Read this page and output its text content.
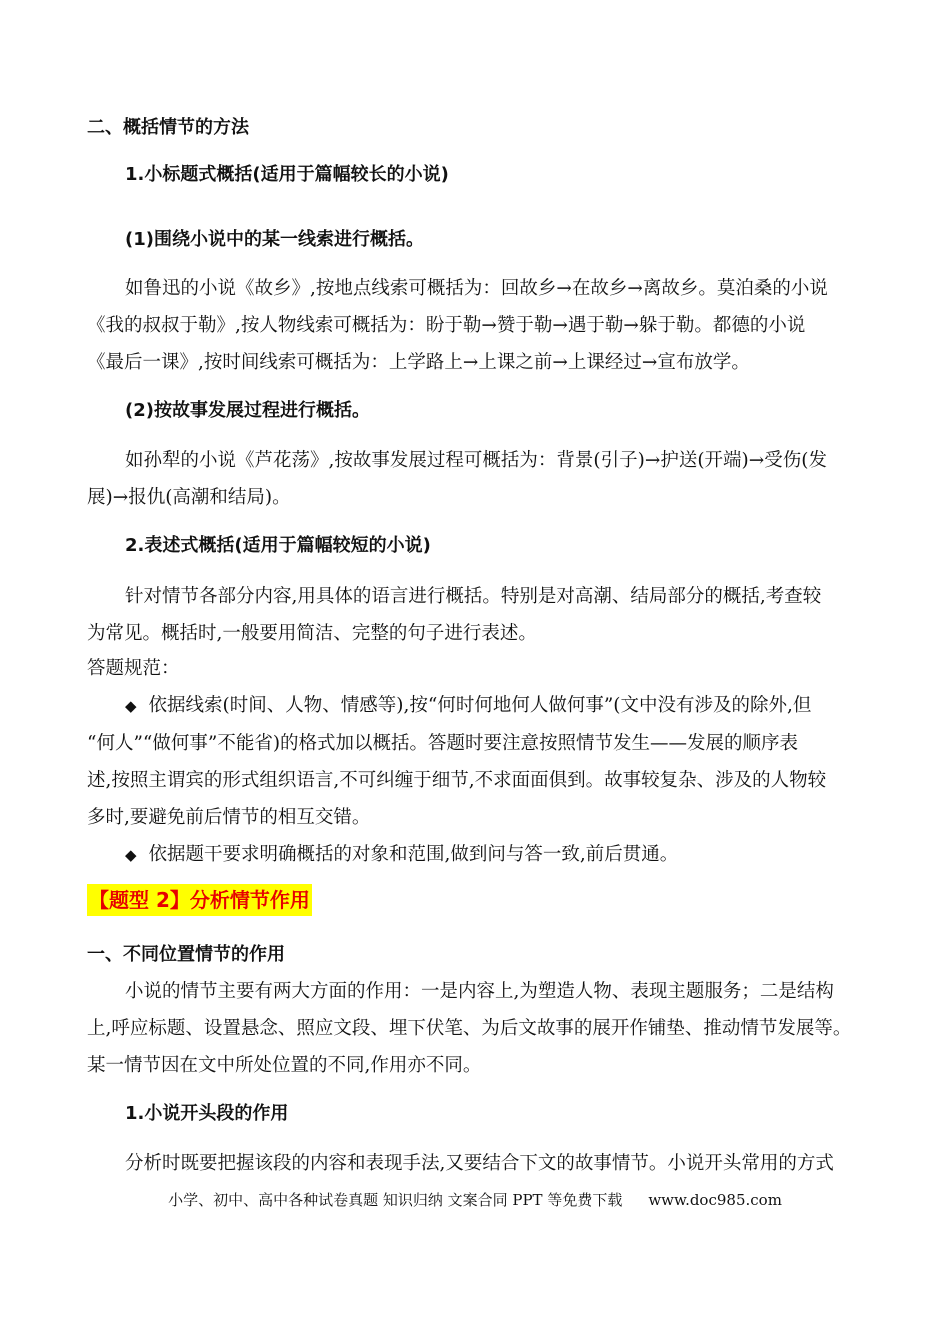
二、概括情节的方法
1.小标题式概括(适用于篇幅较长的小说)
(1)围绕小说中的某一线索进行概括。
如鲁迅的小说《故乡》,按地点线索可概括为：回故乡→在故乡→离故乡。莫泊桑的小说
《我的叔叔于勒》,按人物线索可概括为：盼于勒→赞于勒→遇于勒→躲于勒。都德的小说
《最后一课》,按时间线索可概括为：上学路上→上课之前→上课经过→宣布放学。
(2)按故事发展过程进行概括。
如孙犁的小说《芦花荡》,按故事发展过程可概括为：背景(引子)→护送(开端)→受伤(发
展)→报仇(高潮和结局)。
2.表述式概括(适用于篇幅较短的小说)
针对情节各部分内容,用具体的语言进行概括。特别是对高潮、结局部分的概括,考查较
为常见。概括时,一般要用简洁、完整的句子进行表述。
答题规范：
◆ 依据线索(时间、人物、情感等),按“何时何地何人做何事”(文中没有涉及的除外,但
“何人”“做何事”不能省)的格式加以概括。答题时要注意按照情节发生——发展的顺序表
述,按照主谓宾的形式组织语言,不可纠缠于细节,不求面面俱到。故事较复杂、涉及的人物较
多时,要避免前后情节的相互交错。
◆ 依据题干要求明确概括的对象和范围,做到问与答一致,前后贯通。
【题型 2】分析情节作用
一、不同位置情节的作用
小说的情节主要有两大方面的作用：一是内容上,为塑造人物、表现主题服务；二是结构
上,呼应标题、设置悬念、照应文段、埋下伏笔、为后文故事的展开作铺垫、推动情节发展等。
某一情节因在文中所处位置的不同,作用亦不同。
1.小说开头段的作用
分析时既要把握该段的内容和表现手法,又要结合下文的故事情节。小说开头常用的方式
小学、初中、高中各种试卷真题 知识归纳 文案合同 PPT 等免费下载 www.doc985.com
